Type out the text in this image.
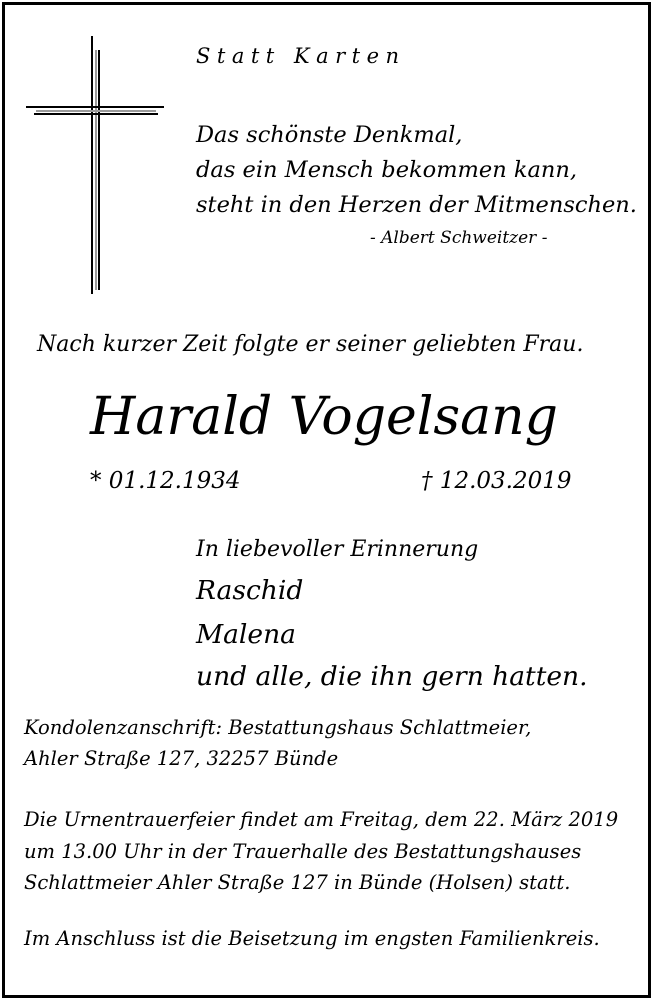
Statt Karten
Das schönste Denkmal,
das ein Mensch bekommen kann,
steht in den Herzen der Mitmenschen.
- Albert Schweitzer -
Nach kurzer Zeit folgte er seiner geliebten Frau.
Harald Vogelsang
* 01.12.1934	† 12.03.2019
In liebevoller Erinnerung
Raschid
Malena
und alle, die ihn gern hatten.
Kondolenzanschrift: Bestattungshaus Schlattmeier,
Ahler Straße 127, 32257 Bünde
Die Urnentrauerfeier findet am Freitag, dem 22. März 2019
um 13.00 Uhr in der Trauerhalle des Bestattungshauses
Schlattmeier Ahler Straße 127 in Bünde (Holsen) statt.
Im Anschluss ist die Beisetzung im engsten Familienkreis.
